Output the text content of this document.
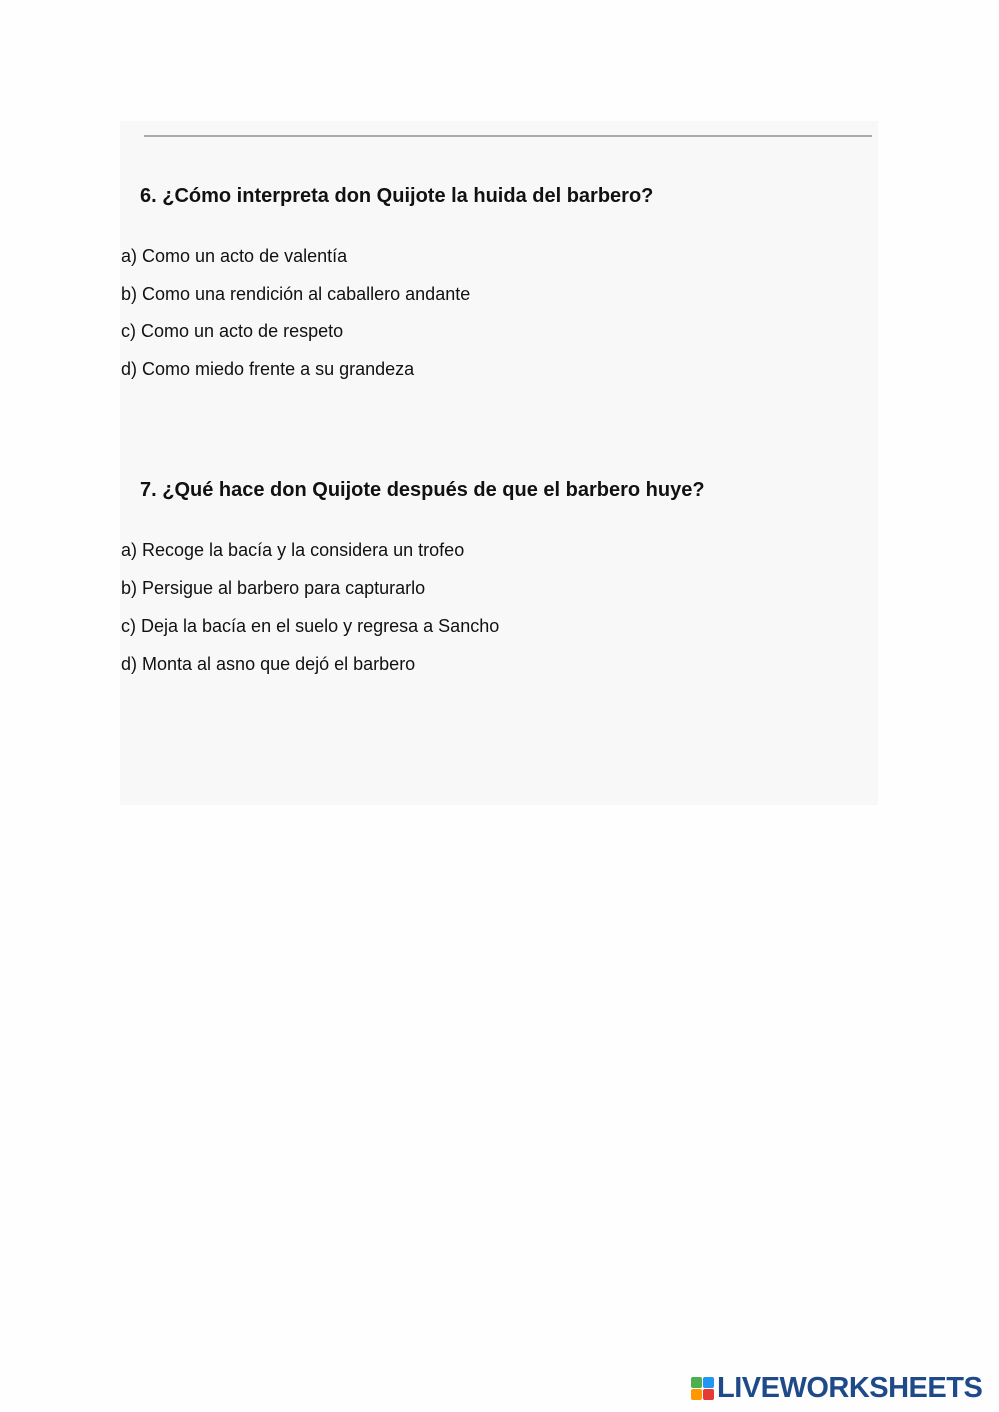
6. ¿Cómo interpreta don Quijote la huida del barbero?

a) Como un acto de valentía

b) Como una rendición al caballero andante

c) Como un acto de respeto

d) Como miedo frente a su grandeza

7. ¿Qué hace don Quijote después de que el barbero huye?

a) Recoge la bacía y la considera un trofeo

b) Persigue al barbero para capturarlo

c) Deja la bacía en el suelo y regresa a Sancho

d) Monta al asno que dejó el barbero

LIVEWORKSHEETS
